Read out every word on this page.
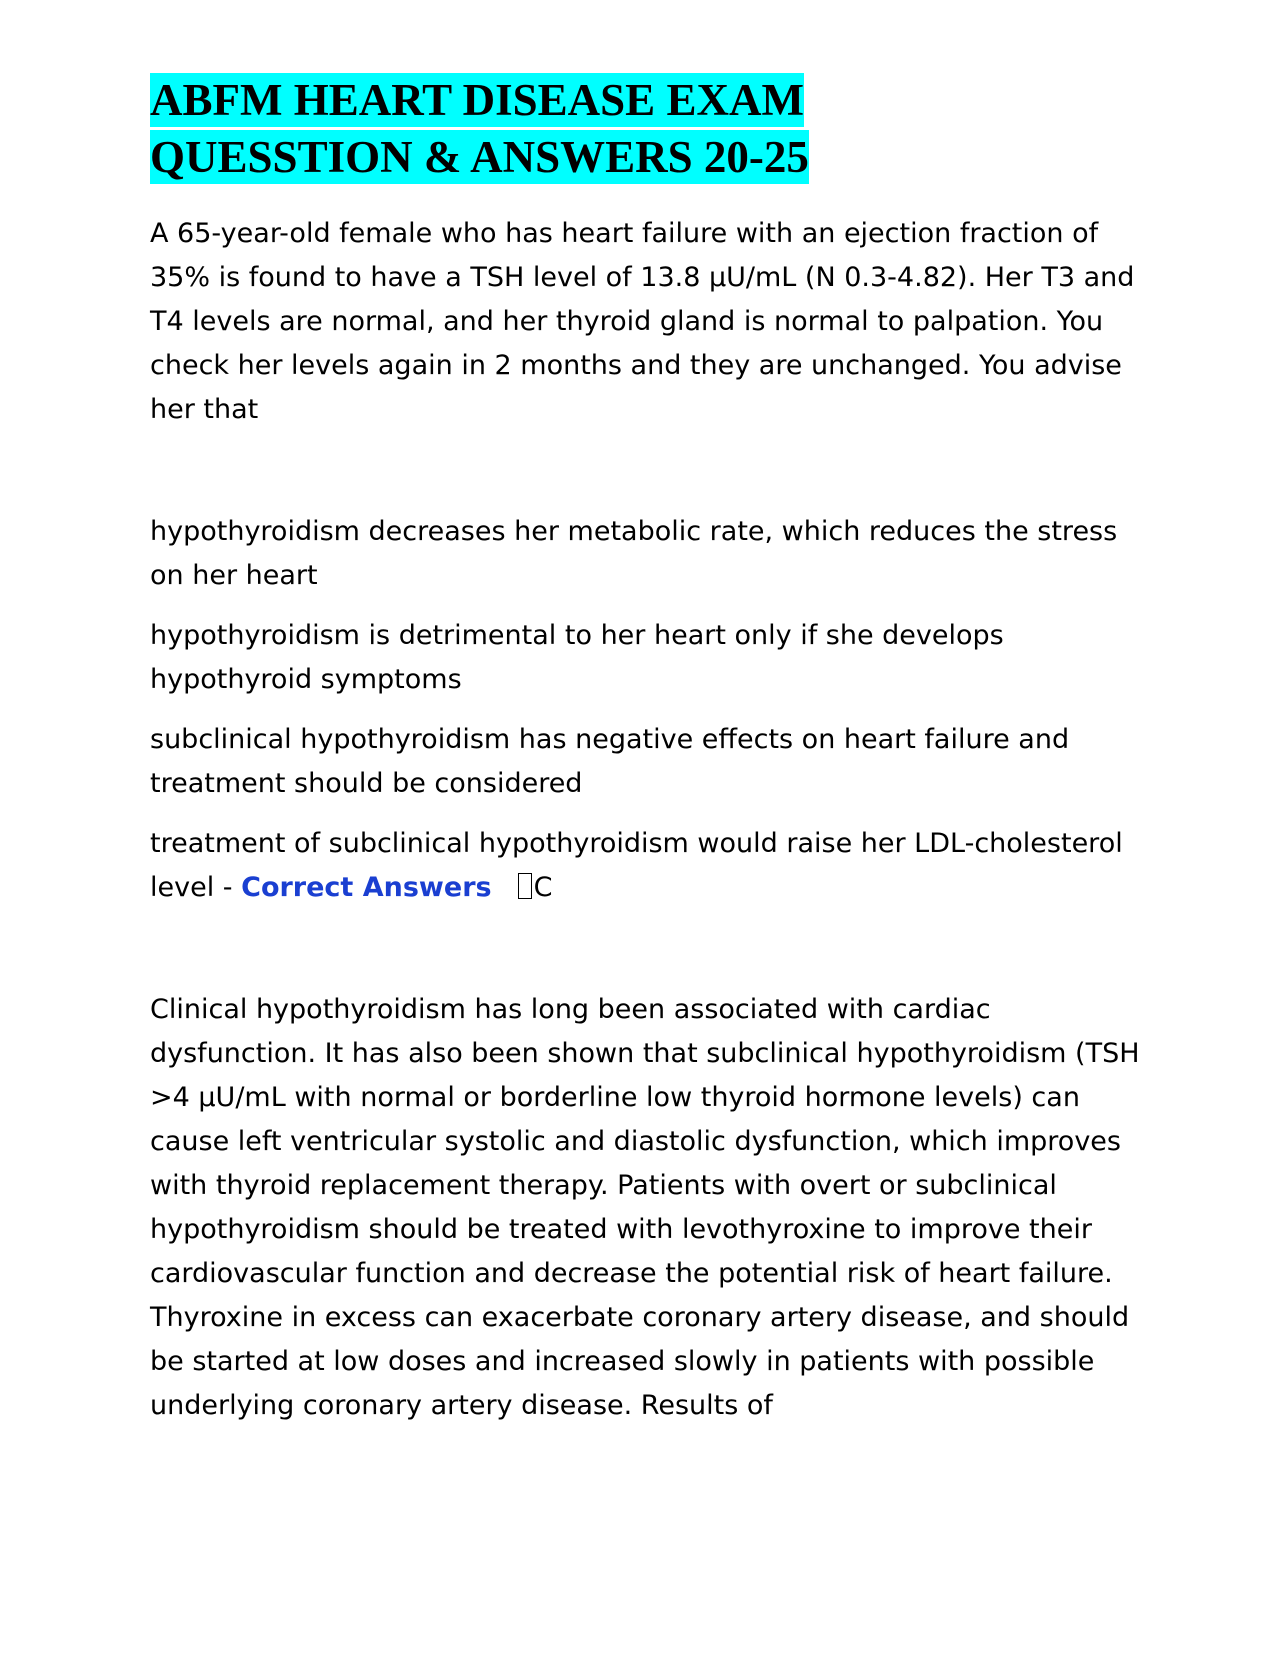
ABFM HEART DISEASE EXAM
QUESSTION & ANSWERS 20-25

A 65-year-old female who has heart failure with an ejection fraction of 35% is found to have a TSH level of 13.8 µU/mL (N 0.3-4.82). Her T3 and T4 levels are normal, and her thyroid gland is normal to palpation. You check her levels again in 2 months and they are unchanged. You advise her that

hypothyroidism decreases her metabolic rate, which reduces the stress on her heart

hypothyroidism is detrimental to her heart only if she develops hypothyroid symptoms

subclinical hypothyroidism has negative effects on heart failure and treatment should be considered

treatment of subclinical hypothyroidism would raise her LDL-cholesterol level - Correct Answers C

Clinical hypothyroidism has long been associated with cardiac dysfunction. It has also been shown that subclinical hypothyroidism (TSH >4 µU/mL with normal or borderline low thyroid hormone levels) can cause left ventricular systolic and diastolic dysfunction, which improves with thyroid replacement therapy. Patients with overt or subclinical hypothyroidism should be treated with levothyroxine to improve their cardiovascular function and decrease the potential risk of heart failure. Thyroxine in excess can exacerbate coronary artery disease, and should be started at low doses and increased slowly in patients with possible underlying coronary artery disease. Results of
